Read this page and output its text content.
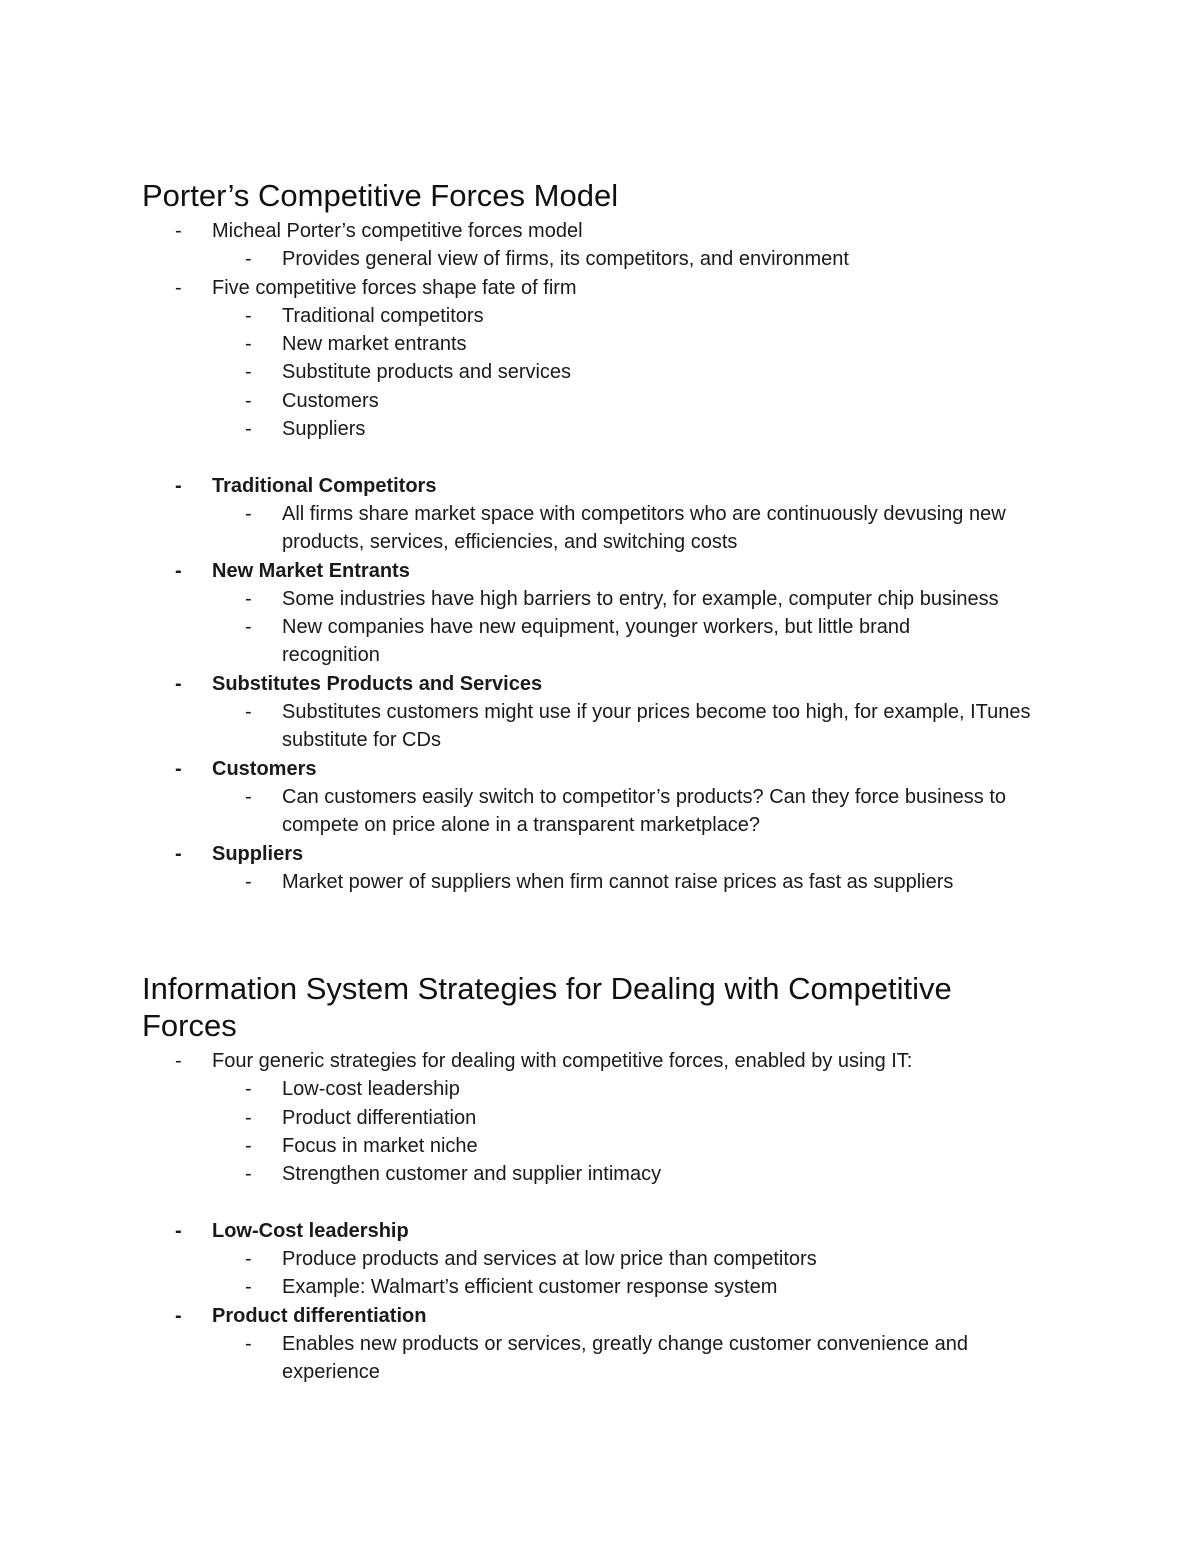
Porter’s Competitive Forces Model
- Micheal Porter’s competitive forces model
- Provides general view of firms, its competitors, and environment
- Five competitive forces shape fate of firm
- Traditional competitors
- New market entrants
- Substitute products and services
- Customers
- Suppliers
- Traditional Competitors
- All firms share market space with competitors who are continuously devusing new products, services, efficiencies, and switching costs
- New Market Entrants
- Some industries have high barriers to entry, for example, computer chip business
- New companies have new equipment, younger workers, but little brand recognition
- Substitutes Products and Services
- Substitutes customers might use if your prices become too high, for example, ITunes substitute for CDs
- Customers
- Can customers easily switch to competitor’s products? Can they force business to compete on price alone in a transparent marketplace?
- Suppliers
- Market power of suppliers when firm cannot raise prices as fast as suppliers
Information System Strategies for Dealing with Competitive Forces
- Four generic strategies for dealing with competitive forces, enabled by using IT:
- Low-cost leadership
- Product differentiation
- Focus in market niche
- Strengthen customer and supplier intimacy
- Low-Cost leadership
- Produce products and services at low price than competitors
- Example: Walmart’s efficient customer response system
- Product differentiation
- Enables new products or services, greatly change customer convenience and experience
